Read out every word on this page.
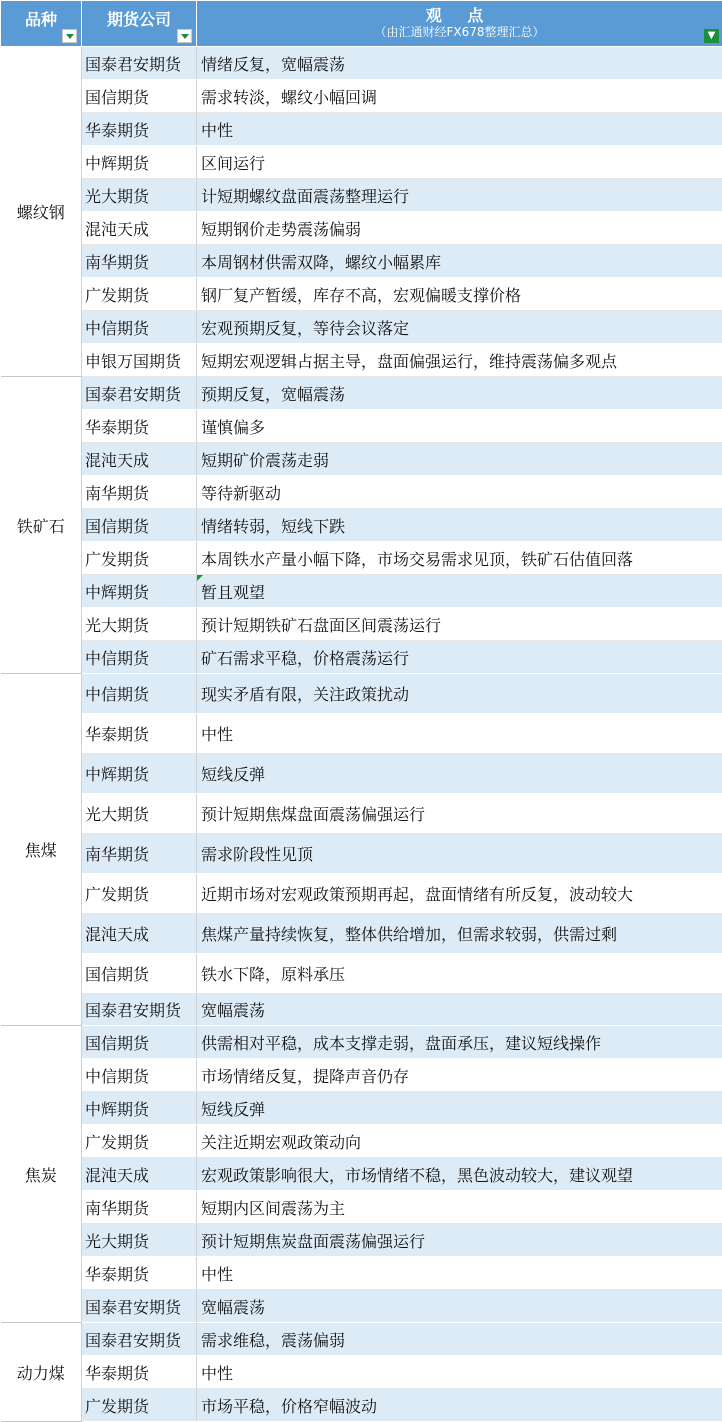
品种	期货公司	观 点
（由汇通财经FX678整理汇总） ▼

螺纹钢	国泰君安期货	情绪反复，宽幅震荡
	国信期货	需求转淡，螺纹小幅回调
	华泰期货	中性
	中辉期货	区间运行
	光大期货	计短期螺纹盘面震荡整理运行
	混沌天成	短期钢价走势震荡偏弱
	南华期货	本周钢材供需双降，螺纹小幅累库
	广发期货	钢厂复产暂缓，库存不高，宏观偏暖支撑价格
	中信期货	宏观预期反复，等待会议落定
	申银万国期货	短期宏观逻辑占据主导，盘面偏强运行，维持震荡偏多观点
铁矿石	国泰君安期货	预期反复，宽幅震荡
	华泰期货	谨慎偏多
	混沌天成	短期矿价震荡走弱
	南华期货	等待新驱动
	国信期货	情绪转弱，短线下跌
	广发期货	本周铁水产量小幅下降，市场交易需求见顶，铁矿石估值回落
	中辉期货	暂且观望
	光大期货	预计短期铁矿石盘面区间震荡运行
	中信期货	矿石需求平稳，价格震荡运行
焦煤	中信期货	现实矛盾有限，关注政策扰动
	华泰期货	中性
	中辉期货	短线反弹
	光大期货	预计短期焦煤盘面震荡偏强运行
	南华期货	需求阶段性见顶
	广发期货	近期市场对宏观政策预期再起，盘面情绪有所反复，波动较大
	混沌天成	焦煤产量持续恢复，整体供给增加，但需求较弱，供需过剩
	国信期货	铁水下降，原料承压
	国泰君安期货	宽幅震荡
焦炭	国信期货	供需相对平稳，成本支撑走弱，盘面承压，建议短线操作
	中信期货	市场情绪反复，提降声音仍存
	中辉期货	短线反弹
	广发期货	关注近期宏观政策动向
	混沌天成	宏观政策影响很大，市场情绪不稳，黑色波动较大，建议观望
	南华期货	短期内区间震荡为主
	光大期货	预计短期焦炭盘面震荡偏强运行
	华泰期货	中性
	国泰君安期货	宽幅震荡
动力煤	国泰君安期货	需求维稳，震荡偏弱
	华泰期货	中性
	广发期货	市场平稳，价格窄幅波动
